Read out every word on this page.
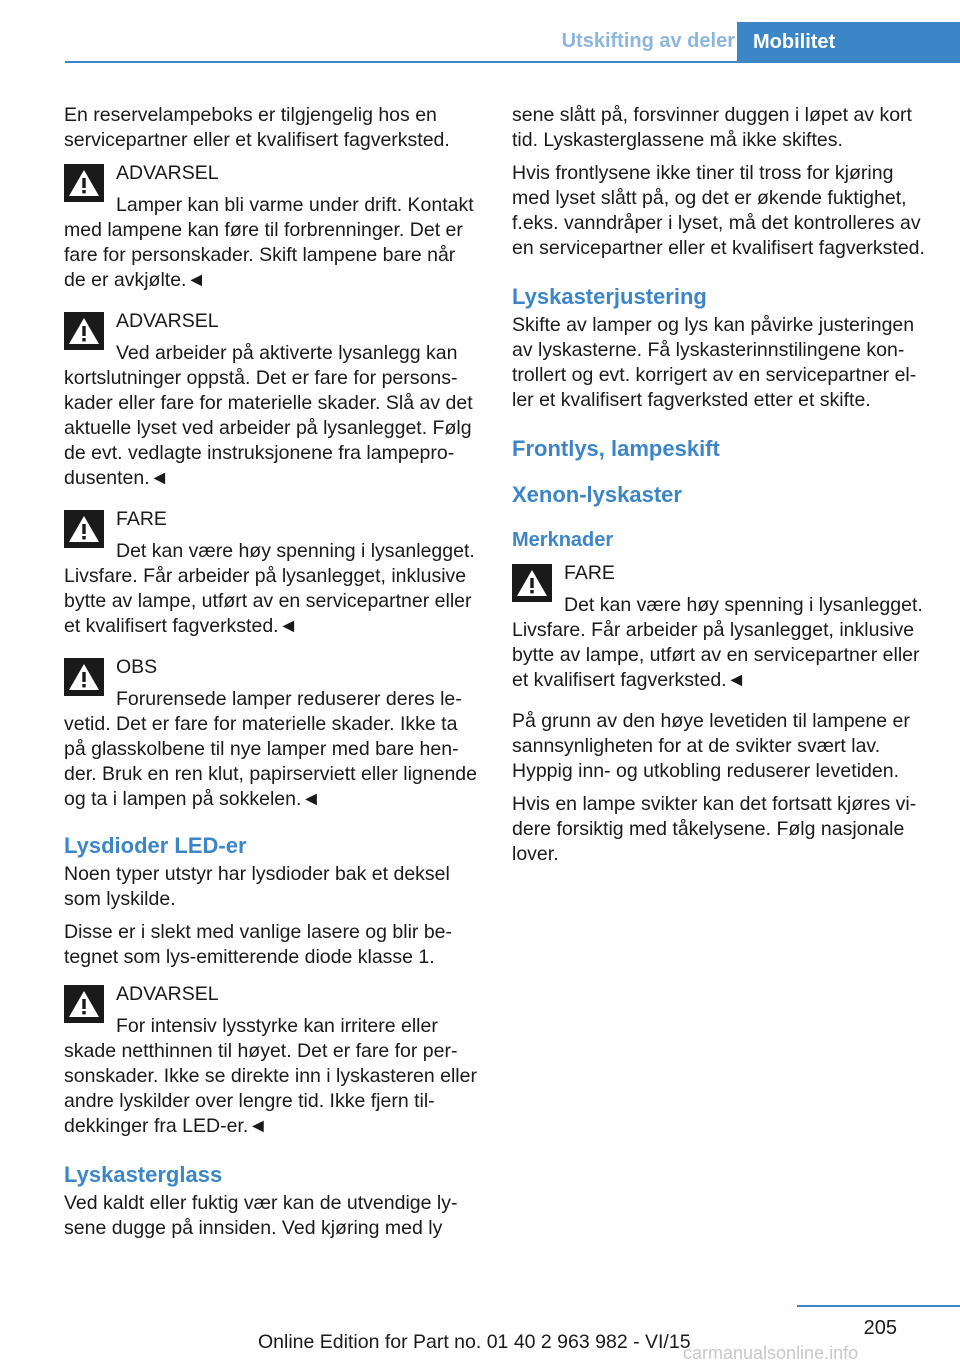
Utskifting av deler Mobilitet

En reservelampeboks er tilgjengelig hos en servicepartner eller et kvalifisert fagverksted.

ADVARSEL
Lamper kan bli varme under drift. Kontakt med lampene kan føre til forbrenninger. Det er fare for personskader. Skift lampene bare når de er avkjølte.◄
ADVARSEL
Ved arbeider på aktiverte lysanlegg kan kortslutninger oppstå. Det er fare for personskader eller fare for materielle skader. Slå av det aktuelle lyset ved arbeider på lysanlegget. Følg de evt. vedlagte instruksjonene fra lampeprodusenten.◄
FARE
Det kan være høy spenning i lysanlegget. Livsfare. Får arbeider på lysanlegget, inklusive bytte av lampe, utført av en servicepartner eller et kvalifisert fagverksted.◄
OBS
Forurensede lamper reduserer deres levetid. Det er fare for materielle skader. Ikke ta på glasskolbene til nye lamper med bare hender. Bruk en ren klut, papirserviett eller lignende og ta i lampen på sokkelen.◄
Lysdioder LED-er

Noen typer utstyr har lysdioder bak et deksel som lyskilde.

Disse er i slekt med vanlige lasere og blir betegnet som lys-emitterende diode klasse 1.

ADVARSEL
For intensiv lysstyrke kan irritere eller skade netthinnen til høyet. Det er fare for personskader. Ikke se direkte inn i lyskasteren eller andre lyskilder over lengre tid. Ikke fjern tildekkinger fra LED-er.◄
Lyskasterglass

Ved kaldt eller fuktig vær kan de utvendige lysene dugge på innsiden. Ved kjøring med ly

sene slått på, forsvinner duggen i løpet av kort tid. Lyskasterglassene må ikke skiftes.

Hvis frontlysene ikke tiner til tross for kjøring med lyset slått på, og det er økende fuktighet, f.eks. vanndråper i lyset, må det kontrolleres av en servicepartner eller et kvalifisert fagverksted.

Lyskasterjustering

Skifte av lamper og lys kan påvirke justeringen av lyskasterne. Få lyskasterinnstilingene kontrollert og evt. korrigert av en servicepartner eller et kvalifisert fagverksted etter et skifte.

Frontlys, lampeskift
Xenon-lyskaster
Merknader
FARE
Det kan være høy spenning i lysanlegget. Livsfare. Får arbeider på lysanlegget, inklusive bytte av lampe, utført av en servicepartner eller et kvalifisert fagverksted.◄

På grunn av den høye levetiden til lampene er sannsynligheten for at de svikter svært lav. Hyppig inn- og utkobling reduserer levetiden.

Hvis en lampe svikter kan det fortsatt kjøres videre forsiktig med tåkelysene. Følg nasjonale lover.

205
Online Edition for Part no. 01 40 2 963 982 - VI/15
carmanualsonline.info
